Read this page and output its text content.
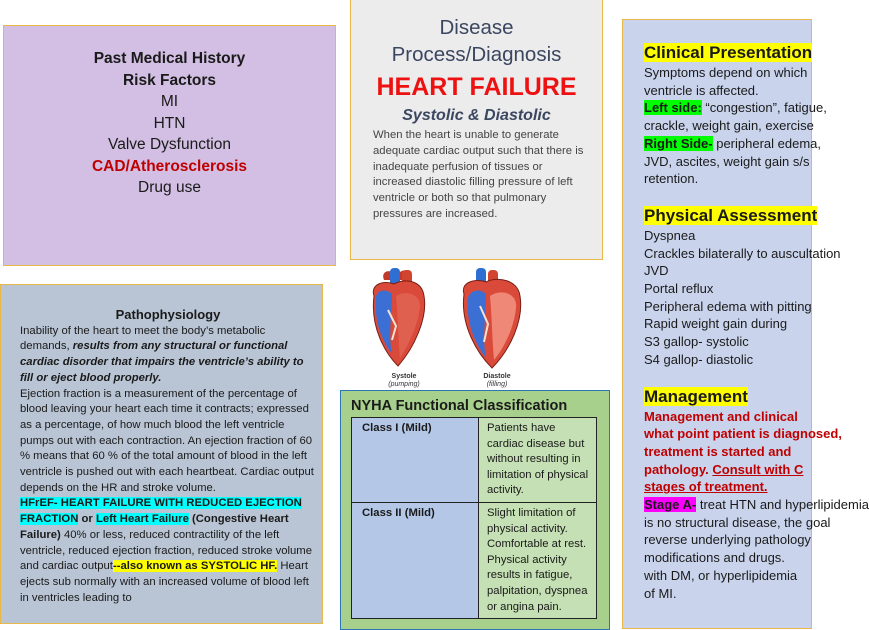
Past Medical History
Risk Factors
MI
HTN
Valve Dysfunction
CAD/Atherosclerosis
Drug use
Disease
Process/Diagnosis
HEART FAILURE
Systolic & Diastolic
When the heart is unable to generate adequate cardiac output such that there is inadequate perfusion of tissues or increased diastolic filling pressure of left ventricle or both so that pulmonary pressures are increased.
Systole
(pumping)
Diastole
(filling)
Pathophysiology
Inability of the heart to meet the body’s metabolic demands, results from any structural or functional cardiac disorder that impairs the ventricle’s ability to fill or eject blood properly.
Ejection fraction is a measurement of the percentage of blood leaving your heart each time it contracts; expressed as a percentage, of how much blood the left ventricle pumps out with each contraction. An ejection fraction of 60 % means that 60 % of the total amount of blood in the left ventricle is pushed out with each heartbeat. Cardiac output depends on the HR and stroke volume.
HFrEF- HEART FAILURE WITH REDUCED EJECTION FRACTION or Left Heart Failure (Congestive Heart Failure) 40% or less, reduced contractility of the left ventricle, reduced ejection fraction, reduced stroke volume and cardiac output--also known as SYSTOLIC HF. Heart ejects sub normally with an increased volume of blood left in ventricles leading to
NYHA Functional Classification
Class I (Mild)	Patients have cardiac disease but without resulting in limitation of physical activity.
Class II (Mild)	Slight limitation of physical activity. Comfortable at rest. Physical activity results in fatigue, palpitation, dyspnea or angina pain.
Clinical Presentation
Symptoms depend on which
ventricle is affected.
Left side: “congestion”, fatigue,
crackle, weight gain, exercise
Right Side- peripheral edema,
JVD, ascites, weight gain s/s
retention.
Physical Assessment
Dyspnea
Crackles bilaterally to auscultation
JVD
Portal reflux
Peripheral edema with pitting
Rapid weight gain during
S3 gallop- systolic
S4 gallop- diastolic
Management
Management and clinical
what point patient is diagnosed,
treatment is started and
pathology. Consult with C
stages of treatment.
Stage A- treat HTN and hyperlipidemia
is no structural disease, the goal
reverse underlying pathology
modifications and drugs.
with DM, or hyperlipidemia
of MI.
